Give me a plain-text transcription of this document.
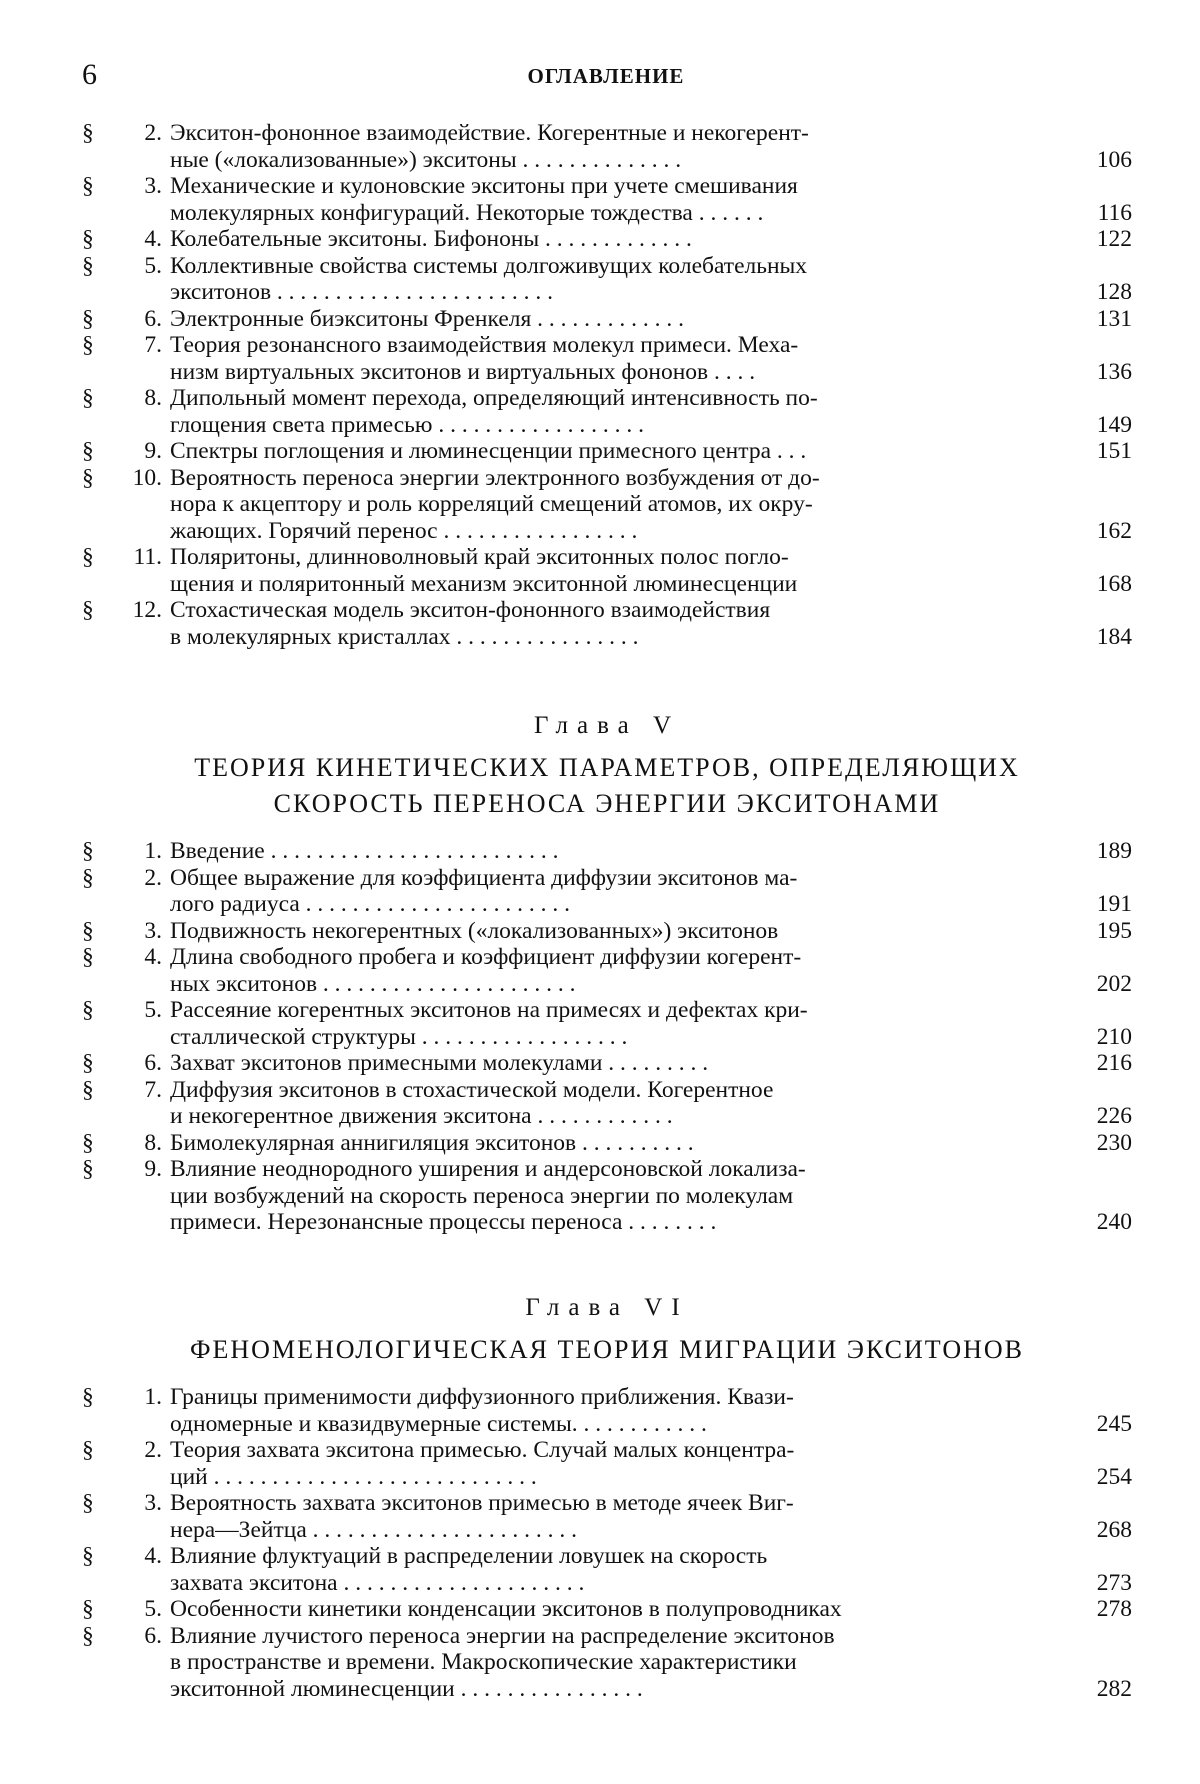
6	ОГЛАВЛЕНИЕ
§	2. Экситон-фононное взаимодействие. Когерентные и некогерент-
ные («локализованные») экситоны . . . . . . . . . . . . . .	106
§	3. Механические и кулоновские экситоны при учете смешивания
молекулярных конфигураций. Некоторые тождества . . . . . .	116
§	4. Колебательные экситоны. Бифононы . . . . . . . . . . . . .	122
§	5. Коллективные свойства системы долгоживущих колебательных
экситонов . . . . . . . . . . . . . . . . . . . . . . . .	128
§	6. Электронные биэкситоны Френкеля . . . . . . . . . . . . .	131
§	7. Теория резонансного взаимодействия молекул примеси. Меха-
низм виртуальных экситонов и виртуальных фононов . . . .	136
§	8. Дипольный момент перехода, определяющий интенсивность по-
глощения света примесью . . . . . . . . . . . . . . . . . .	149
§	9. Спектры поглощения и люминесценции примесного центра . . .	151
§	10. Вероятность переноса энергии электронного возбуждения от до-
нора к акцептору и роль корреляций смещений атомов, их окру-
жающих. Горячий перенос . . . . . . . . . . . . . . . . .	162
§	11. Поляритоны, длинноволновый край экситонных полос погло-
щения и поляритонный механизм экситонной люминесценции	168
§	12. Стохастическая модель экситон-фононного взаимодействия
в молекулярных кристаллах . . . . . . . . . . . . . . . .	184
Глава V
ТЕОРИЯ КИНЕТИЧЕСКИХ ПАРАМЕТРОВ, ОПРЕДЕЛЯЮЩИХ
СКОРОСТЬ ПЕРЕНОСА ЭНЕРГИИ ЭКСИТОНАМИ
§	1. Введение . . . . . . . . . . . . . . . . . . . . . . . . .	189
§	2. Общее выражение для коэффициента диффузии экситонов ма-
лого радиуса . . . . . . . . . . . . . . . . . . . . . . .	191
§	3. Подвижность некогерентных («локализованных») экситонов	195
§	4. Длина свободного пробега и коэффициент диффузии когерент-
ных экситонов . . . . . . . . . . . . . . . . . . . . . .	202
§	5. Рассеяние когерентных экситонов на примесях и дефектах кри-
сталлической структуры . . . . . . . . . . . . . . . . . .	210
§	6. Захват экситонов примесными молекулами . . . . . . . . .	216
§	7. Диффузия экситонов в стохастической модели. Когерентное
и некогерентное движения экситона . . . . . . . . . . . .	226
§	8. Бимолекулярная аннигиляция экситонов . . . . . . . . . .	230
§	9. Влияние неоднородного уширения и андерсоновской локализа-
ции возбуждений на скорость переноса энергии по молекулам
примеси. Нерезонансные процессы переноса . . . . . . . .	240
Глава VI
ФЕНОМЕНОЛОГИЧЕСКАЯ ТЕОРИЯ МИГРАЦИИ ЭКСИТОНОВ
§	1. Границы применимости диффузионного приближения. Квази-
одномерные и квазидвумерные системы. . . . . . . . . . . .	245
§	2. Теория захвата экситона примесью. Случай малых концентра-
ций . . . . . . . . . . . . . . . . . . . . . . . . . . . .	254
§	3. Вероятность захвата экситонов примесью в методе ячеек Виг-
нера—Зейтца . . . . . . . . . . . . . . . . . . . . . . .	268
§	4. Влияние флуктуаций в распределении ловушек на скорость
захвата экситона . . . . . . . . . . . . . . . . . . . . .	273
§	5. Особенности кинетики конденсации экситонов в полупроводниках	278
§	6. Влияние лучистого переноса энергии на распределение экситонов
в пространстве и времени. Макроскопические характеристики
экситонной люминесценции . . . . . . . . . . . . . . . .	282
